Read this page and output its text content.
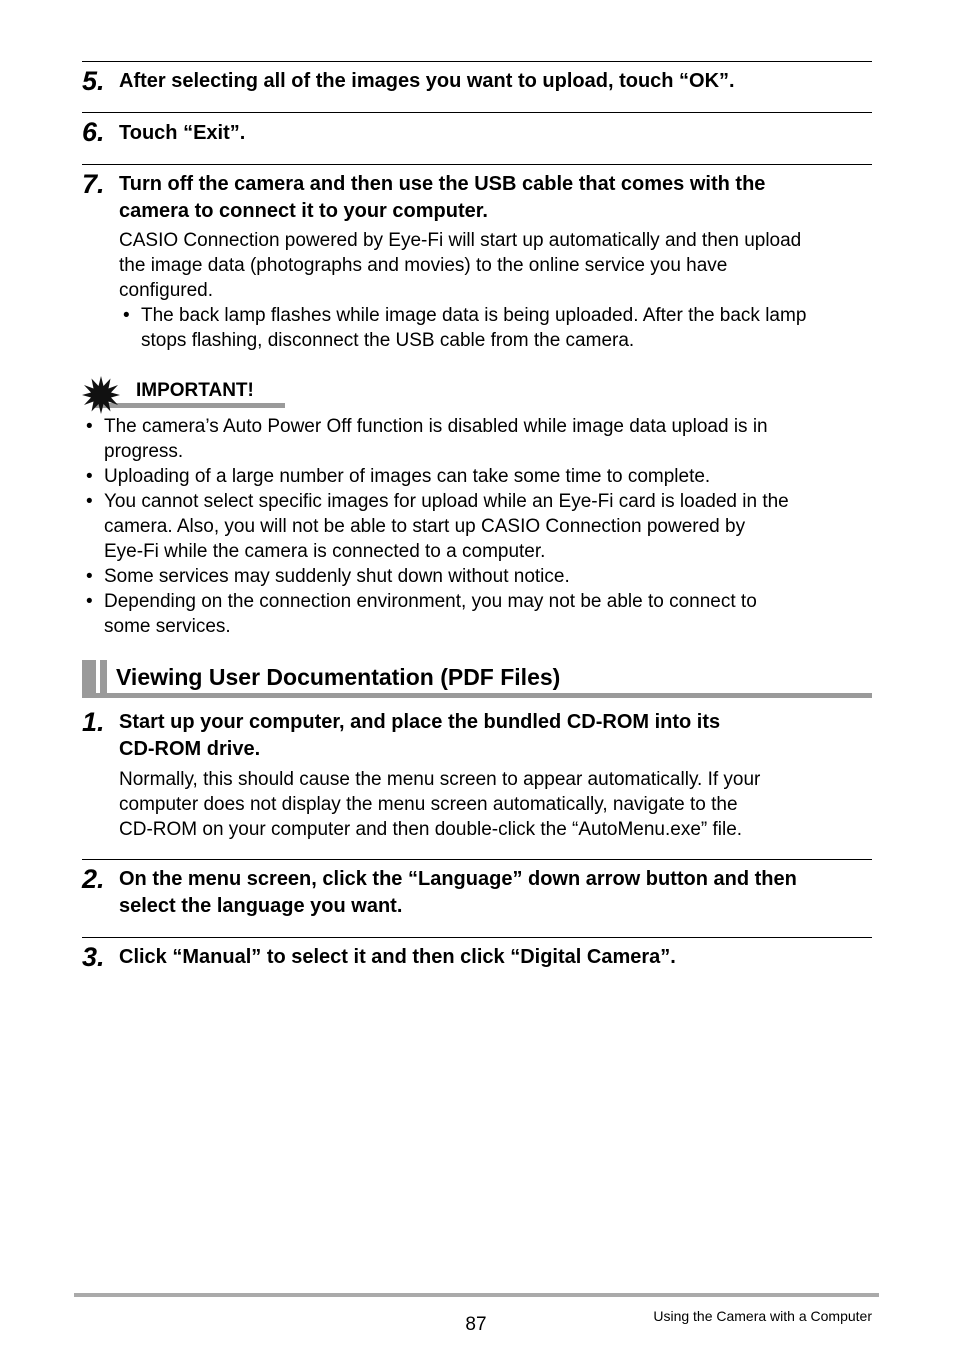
5. After selecting all of the images you want to upload, touch “OK”.
6. Touch “Exit”.
7. Turn off the camera and then use the USB cable that comes with the
camera to connect it to your computer.
CASIO Connection powered by Eye-Fi will start up automatically and then upload
the image data (photographs and movies) to the online service you have
configured.
• The back lamp flashes while image data is being uploaded. After the back lamp
stops flashing, disconnect the USB cable from the camera.
IMPORTANT!
• The camera’s Auto Power Off function is disabled while image data upload is in
progress.
• Uploading of a large number of images can take some time to complete.
• You cannot select specific images for upload while an Eye-Fi card is loaded in the
camera. Also, you will not be able to start up CASIO Connection powered by
Eye-Fi while the camera is connected to a computer.
• Some services may suddenly shut down without notice.
• Depending on the connection environment, you may not be able to connect to
some services.
Viewing User Documentation (PDF Files)
1. Start up your computer, and place the bundled CD-ROM into its
CD-ROM drive.
Normally, this should cause the menu screen to appear automatically. If your
computer does not display the menu screen automatically, navigate to the
CD-ROM on your computer and then double-click the “AutoMenu.exe” file.
2. On the menu screen, click the “Language” down arrow button and then
select the language you want.
3. Click “Manual” to select it and then click “Digital Camera”.
87	Using the Camera with a Computer
